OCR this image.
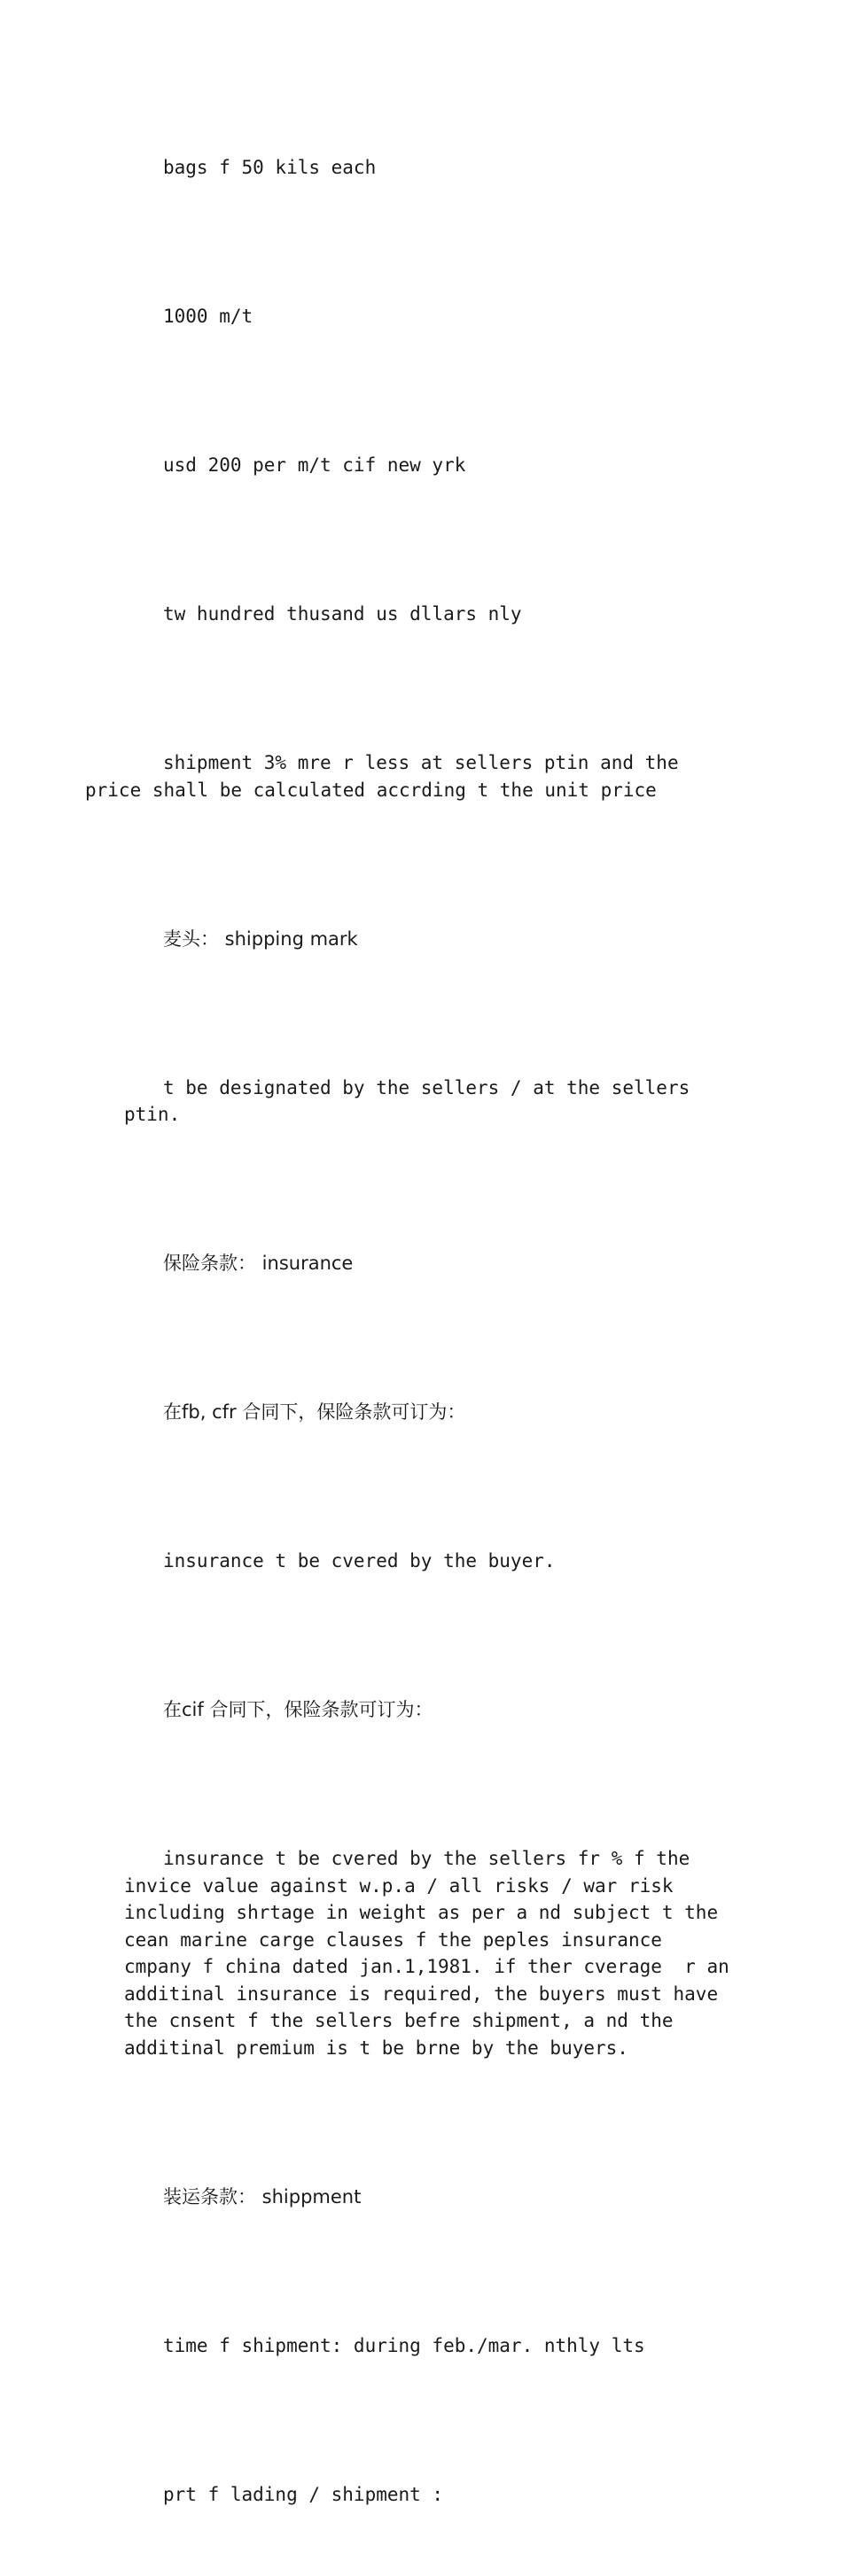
bags f 50 kils each

1000 m/t

usd 200 per m/t cif new yrk

tw hundred thusand us dllars nly

shipment 3% mre r less at sellers ptin and the
price shall be calculated accrding t the unit price

麦头： shipping mark

t be designated by the sellers / at the sellers
ptin.

保险条款： insurance

在fb, cfr 合同下，保险条款可订为：

insurance t be cvered by the buyer.

在cif 合同下，保险条款可订为：

insurance t be cvered by the sellers fr % f the
invice value against w.p.a / all risks / war risk
including shrtage in weight as per a nd subject t the
cean marine carge clauses f the peples insurance
cmpany f china dated jan.1,1981. if ther cverage  r an
additinal insurance is required, the buyers must have
the cnsent f the sellers befre shipment, a nd the
additinal premium is t be brne by the buyers.

装运条款： shippment

time f shipment: during feb./mar. nthly lts

prt f lading / shipment :
